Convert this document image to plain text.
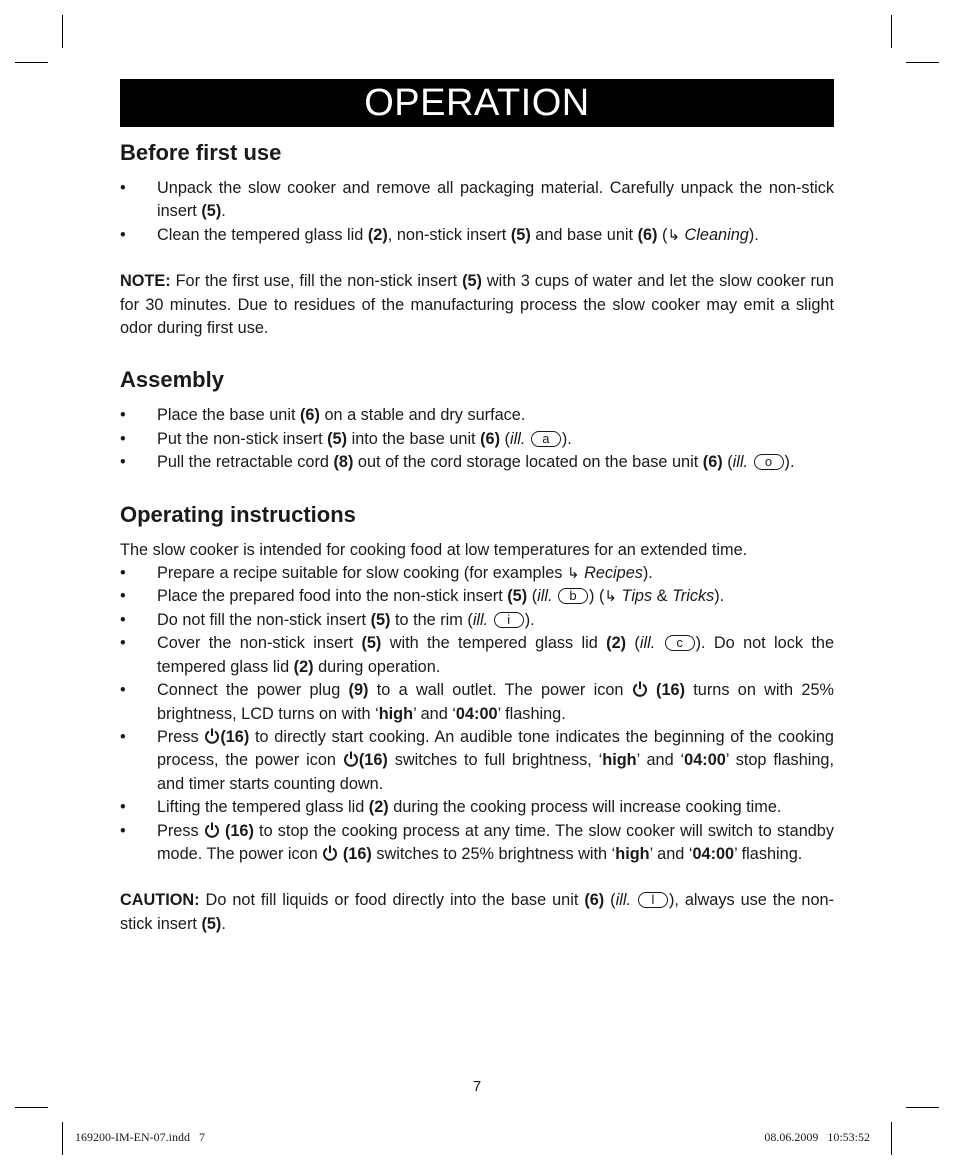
OPERATION
Before first use
• Unpack the slow cooker and remove all packaging material. Carefully unpack the non-stick insert (5).
• Clean the tempered glass lid (2), non-stick insert (5) and base unit (6) (↳ Cleaning).

NOTE: For the first use, fill the non-stick insert (5) with 3 cups of water and let the slow cooker run for 30 minutes. Due to residues of the manufacturing process the slow cooker may emit a slight odor during first use.

Assembly
• Place the base unit (6) on a stable and dry surface.
• Put the non-stick insert (5) into the base unit (6) (ill. a ).
• Pull the retractable cord (8) out of the cord storage located on the base unit (6) (ill. o ).
Operating instructions

The slow cooker is intended for cooking food at low temperatures for an extended time.

• Prepare a recipe suitable for slow cooking (for examples ↳ Recipes).
• Place the prepared food into the non-stick insert (5) (ill. b ) (↳ Tips & Tricks).
• Do not fill the non-stick insert (5) to the rim (ill. i ).
• Cover the non-stick insert (5) with the tempered glass lid (2) (ill. c ). Do not lock the tempered glass lid (2) during operation.
• Connect the power plug (9) to a wall outlet. The power icon  (16) turns on with 25% brightness, LCD turns on with ‘high’ and ‘04:00’ flashing.
• Press (16) to directly start cooking. An audible tone indicates the beginning of the cooking process, the power icon (16) switches to full brightness, ‘high’ and ‘04:00’ stop flashing, and timer starts counting down.
• Lifting the tempered glass lid (2) during the cooking process will increase cooking time.
• Press  (16) to stop the cooking process at any time. The slow cooker will switch to standby mode. The power icon  (16) switches to 25% brightness with ‘high’ and ‘04:00’ flashing.

CAUTION: Do not fill liquids or food directly into the base unit (6) (ill. l ), always use the non-stick insert (5).

7
169200-IM-EN-07.indd   7	08.06.2009   10:53:52
